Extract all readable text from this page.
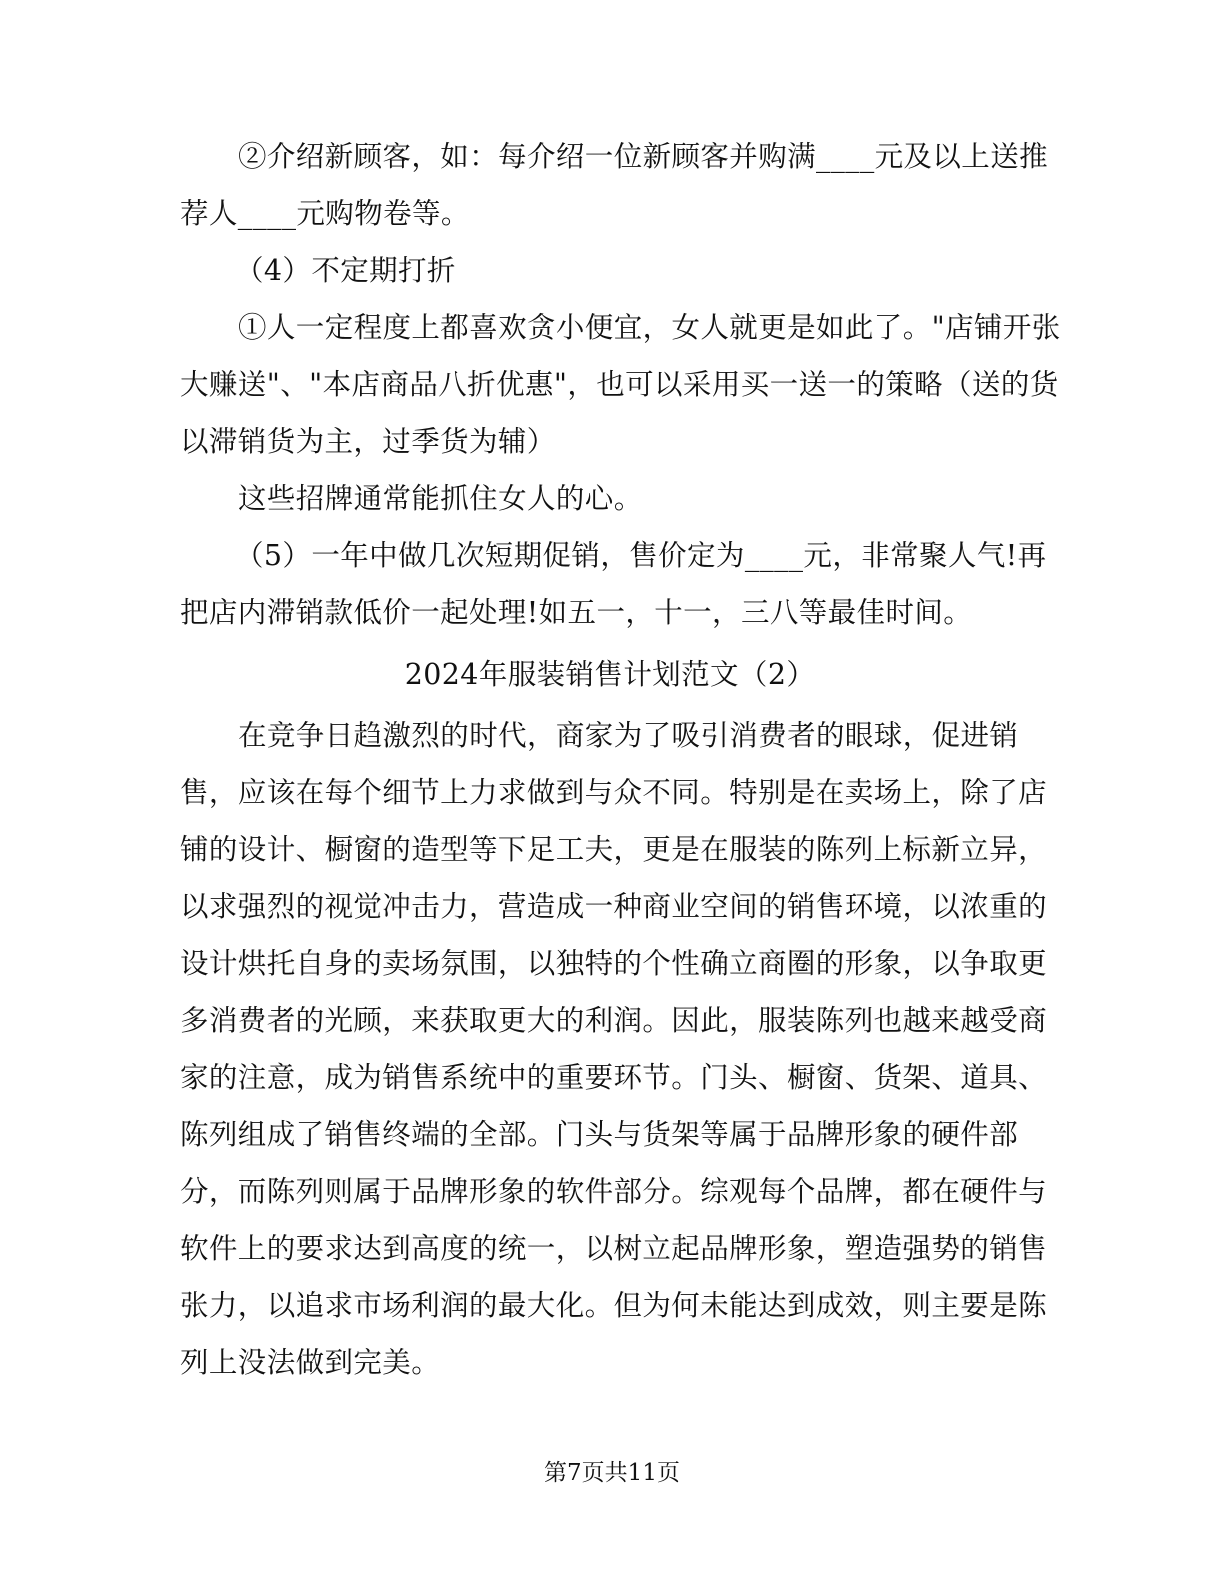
②介绍新顾客，如：每介绍一位新顾客并购满____元及以上送推
荐人____元购物卷等。
（4）不定期打折
①人一定程度上都喜欢贪小便宜，女人就更是如此了。"店铺开张
大赚送"、"本店商品八折优惠"，也可以采用买一送一的策略（送的货
以滞销货为主，过季货为辅）
这些招牌通常能抓住女人的心。
（5）一年中做几次短期促销，售价定为____元，非常聚人气!再
把店内滞销款低价一起处理!如五一，十一，三八等最佳时间。
2024年服装销售计划范文（2）
在竞争日趋激烈的时代，商家为了吸引消费者的眼球，促进销
售，应该在每个细节上力求做到与众不同。特别是在卖场上，除了店
铺的设计、橱窗的造型等下足工夫，更是在服装的陈列上标新立异，
以求强烈的视觉冲击力，营造成一种商业空间的销售环境，以浓重的
设计烘托自身的卖场氛围，以独特的个性确立商圈的形象，以争取更
多消费者的光顾，来获取更大的利润。因此，服装陈列也越来越受商
家的注意，成为销售系统中的重要环节。门头、橱窗、货架、道具、
陈列组成了销售终端的全部。门头与货架等属于品牌形象的硬件部
分，而陈列则属于品牌形象的软件部分。综观每个品牌，都在硬件与
软件上的要求达到高度的统一，以树立起品牌形象，塑造强势的销售
张力，以追求市场利润的最大化。但为何未能达到成效，则主要是陈
列上没法做到完美。
第7页共11页
